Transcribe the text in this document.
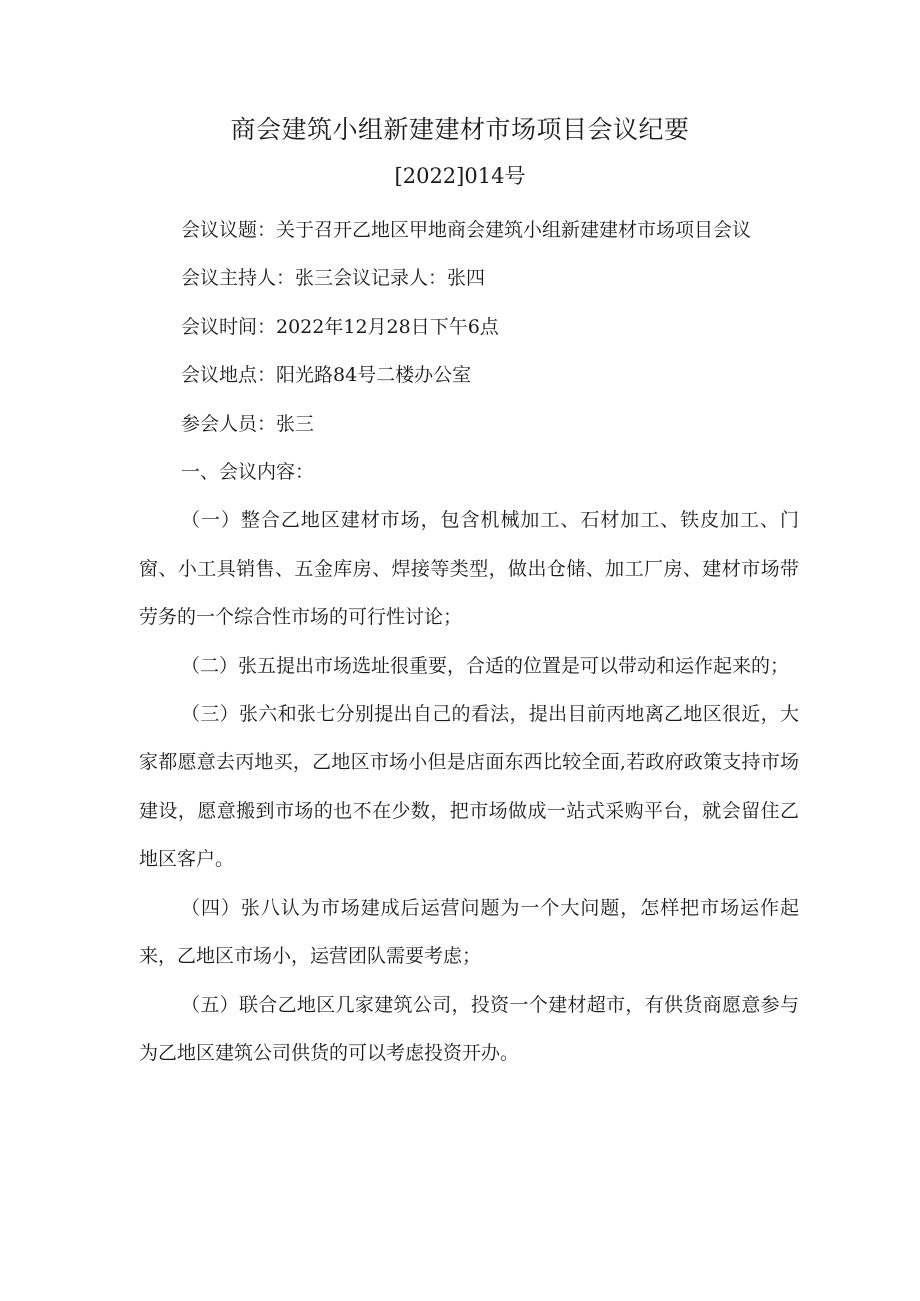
商会建筑小组新建建材市场项目会议纪要
[2022]014号

会议议题：关于召开乙地区甲地商会建筑小组新建建材市场项目会议

会议主持人：张三会议记录人：张四

会议时间：2022年12月28日下午6点

会议地点：阳光路84号二楼办公室

参会人员：张三

一、会议内容：

（一）整合乙地区建材市场，包含机械加工、石材加工、铁皮加工、门窗、小工具销售、五金库房、焊接等类型，做出仓储、加工厂房、建材市场带劳务的一个综合性市场的可行性讨论；

（二）张五提出市场选址很重要，合适的位置是可以带动和运作起来的；

（三）张六和张七分别提出自己的看法，提出目前丙地离乙地区很近，大家都愿意去丙地买，乙地区市场小但是店面东西比较全面,若政府政策支持市场建设，愿意搬到市场的也不在少数，把市场做成一站式采购平台，就会留住乙地区客户。

（四）张八认为市场建成后运营问题为一个大问题，怎样把市场运作起来，乙地区市场小，运营团队需要考虑；

（五）联合乙地区几家建筑公司，投资一个建材超市，有供货商愿意参与为乙地区建筑公司供货的可以考虑投资开办。
